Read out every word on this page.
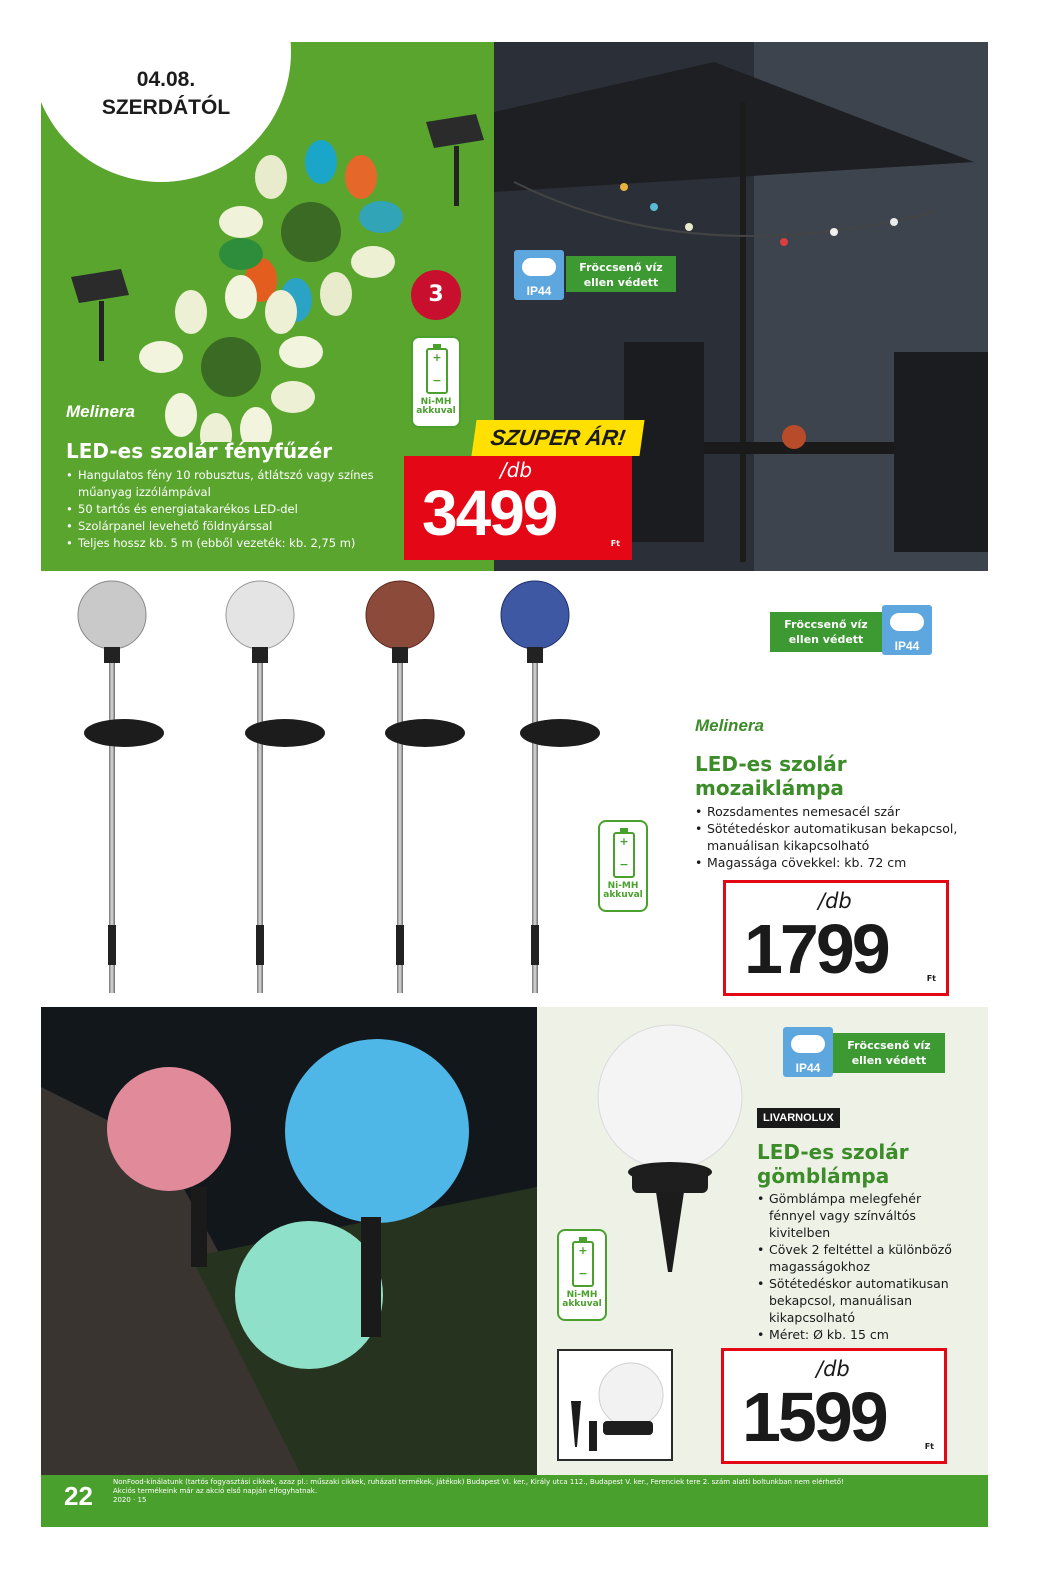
04.08.
SZERDÁTÓL
3
+
−
Ni-MH
akkuval
Melinera
LED-es szolár fényfűzér
• Hangulatos fény 10 robusztus, átlátszó vagy színes műanyag izzólámpával
• 50 tartós és energiatakarékos LED-del
• Szolárpanel levehető földnyárssal
• Teljes hossz kb. 5 m (ebből vezeték: kb. 2,75 m)
IP44
Fröccsenő víz
ellen védett
SZUPER ÁR!
/db
3499	Ft
+
−
Ni-MH
akkuval
Fröccsenő víz
ellen védett	IP44
Melinera
LED-es szolár
mozaiklámpa
• Rozsdamentes nemesacél szár
• Sötétedéskor automatikusan bekapcsol, manuálisan kikapcsolható
• Magassága cövekkel: kb. 72 cm
/db
1799	Ft
IP44
Fröccsenő víz
ellen védett
LIVARNOLUX
LED-es szolár
gömblámpa
• Gömblámpa melegfehér fénnyel vagy színváltós kivitelben
• Cövek 2 feltéttel a különböző magasságokhoz
• Sötétedéskor automatikusan bekapcsol, manuálisan kikapcsolható
• Méret: Ø kb. 15 cm
+
−
Ni-MH
akkuval
/db
1599	Ft
22	NonFood-kínálatunk (tartós fogyasztási cikkek, azaz pl.: műszaki cikkek, ruházati termékek, játékok) Budapest VI. ker., Király utca 112., Budapest V. ker., Ferenciek tere 2. szám alatti boltunkban nem elérhető!
Akciós termékeink már az akció első napján elfogyhatnak.
2020 · 15
